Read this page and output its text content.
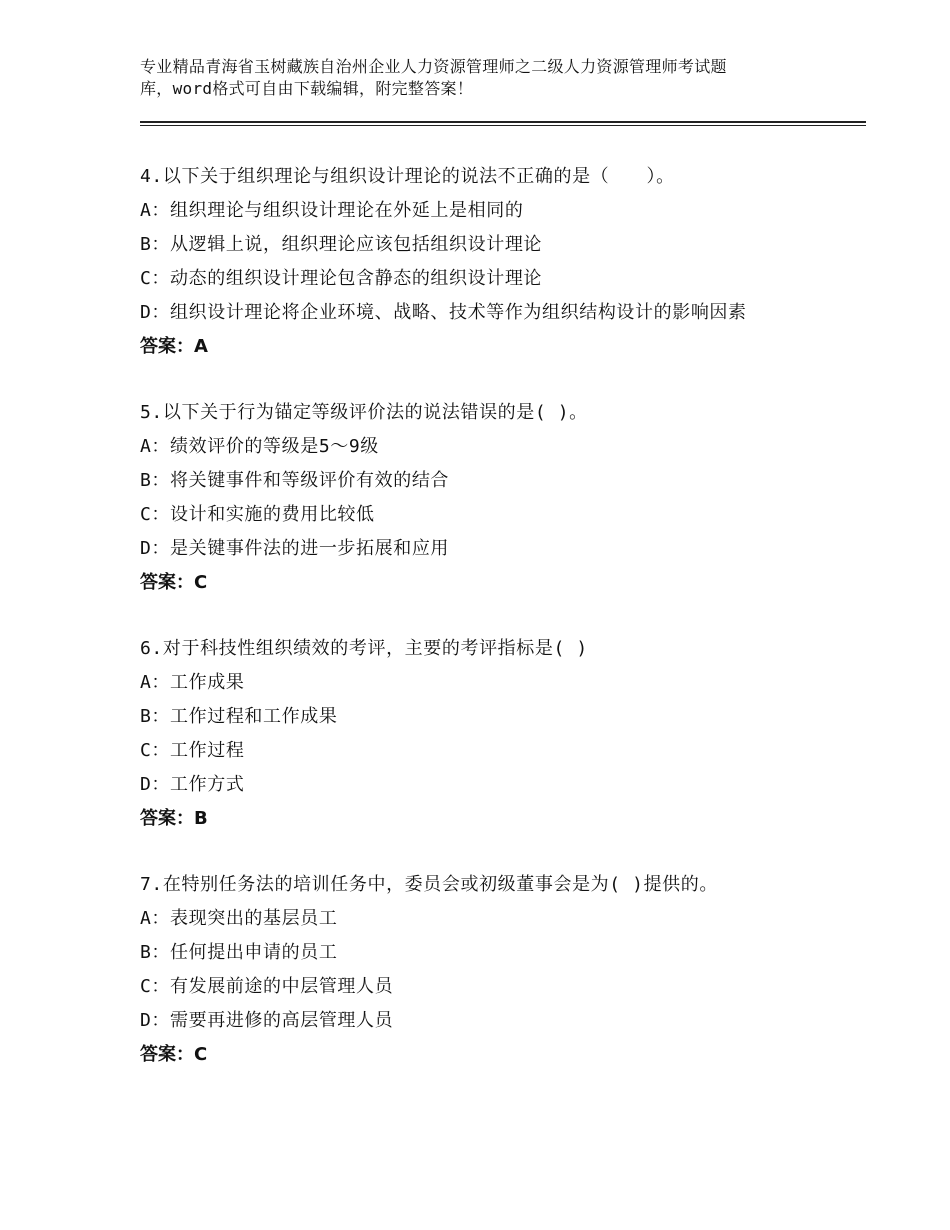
专业精品青海省玉树藏族自治州企业人力资源管理师之二级人力资源管理师考试题
库，word格式可自由下载编辑，附完整答案！

4.以下关于组织理论与组织设计理论的说法不正确的是（　　）。

A：组织理论与组织设计理论在外延上是相同的

B：从逻辑上说，组织理论应该包括组织设计理论

C：动态的组织设计理论包含静态的组织设计理论

D：组织设计理论将企业环境、战略、技术等作为组织结构设计的影响因素

答案：A

5.以下关于行为锚定等级评价法的说法错误的是( )。

A：绩效评价的等级是5～9级

B：将关键事件和等级评价有效的结合

C：设计和实施的费用比较低

D：是关键事件法的进一步拓展和应用

答案：C

6.对于科技性组织绩效的考评，主要的考评指标是( )

A：工作成果

B：工作过程和工作成果

C：工作过程

D：工作方式

答案：B

7.在特别任务法的培训任务中，委员会或初级董事会是为( )提供的。

A：表现突出的基层员工

B：任何提出申请的员工

C：有发展前途的中层管理人员

D：需要再进修的高层管理人员

答案：C
